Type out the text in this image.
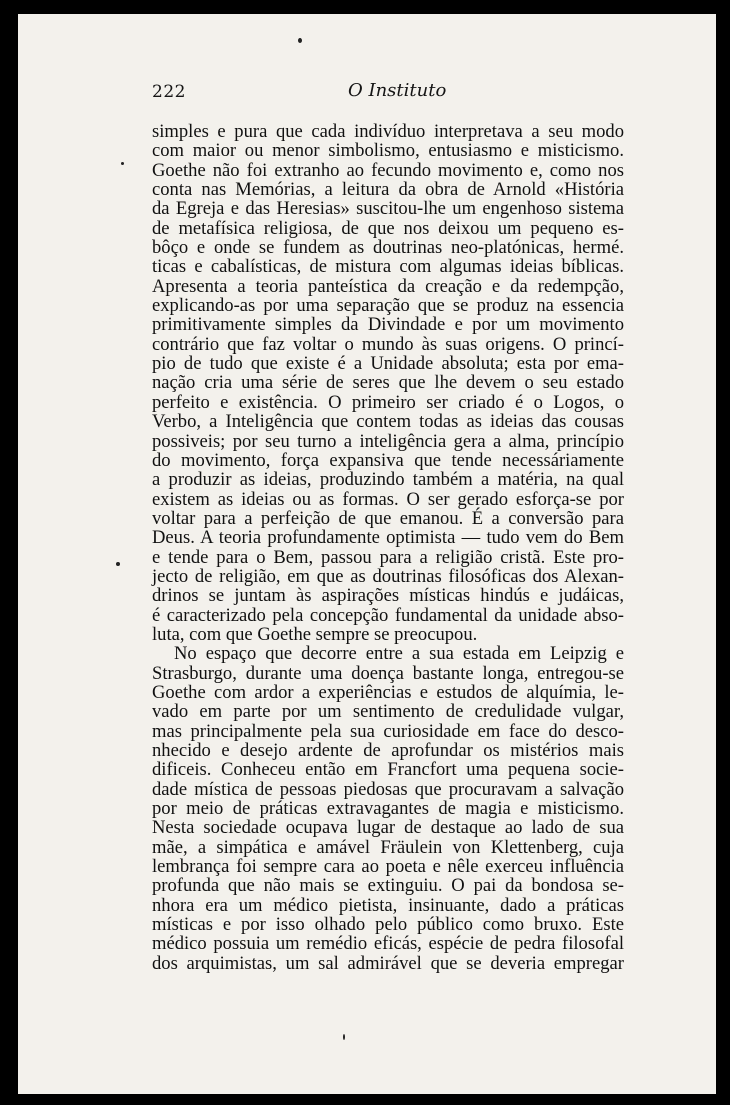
222	O Instituto

simples e pura que cada indivíduo interpretava a seu modo
com maior ou menor simbolismo, entusiasmo e misticismo.
Goethe não foi extranho ao fecundo movimento e, como nos
conta nas Memórias, a leitura da obra de Arnold «História
da Egreja e das Heresias» suscitou-lhe um engenhoso sistema
de metafísica religiosa, de que nos deixou um pequeno es-
bôço e onde se fundem as doutrinas neo-platónicas, hermé.
ticas e cabalísticas, de mistura com algumas ideias bíblicas.
Apresenta a teoria panteística da creação e da redempção,
explicando-as por uma separação que se produz na essencia
primitivamente simples da Divindade e por um movimento
contrário que faz voltar o mundo às suas origens. O princí-
pio de tudo que existe é a Unidade absoluta; esta por ema-
nação cria uma série de seres que lhe devem o seu estado
perfeito e existência. O primeiro ser criado é o Logos, o
Verbo, a Inteligência que contem todas as ideias das cousas
possiveis; por seu turno a inteligência gera a alma, princípio
do movimento, força expansiva que tende necessáriamente
a produzir as ideias, produzindo também a matéria, na qual
existem as ideias ou as formas. O ser gerado esforça-se por
voltar para a perfeição de que emanou. É a conversão para
Deus. A teoria profundamente optimista — tudo vem do Bem
e tende para o Bem, passou para a religião cristã. Este pro-
jecto de religião, em que as doutrinas filosóficas dos Alexan-
drinos se juntam às aspirações místicas hindús e judáicas,
é caracterizado pela concepção fundamental da unidade abso-
luta, com que Goethe sempre se preocupou.

No espaço que decorre entre a sua estada em Leipzig e
Strasburgo, durante uma doença bastante longa, entregou-se
Goethe com ardor a experiências e estudos de alquímia, le-
vado em parte por um sentimento de credulidade vulgar,
mas principalmente pela sua curiosidade em face do desco-
nhecido e desejo ardente de aprofundar os mistérios mais
dificeis. Conheceu então em Francfort uma pequena socie-
dade mística de pessoas piedosas que procuravam a salvação
por meio de práticas extravagantes de magia e misticismo.
Nesta sociedade ocupava lugar de destaque ao lado de sua
mãe, a simpática e amável Fräulein von Klettenberg, cuja
lembrança foi sempre cara ao poeta e nêle exerceu influência
profunda que não mais se extinguiu. O pai da bondosa se-
nhora era um médico pietista, insinuante, dado a práticas
místicas e por isso olhado pelo público como bruxo. Este
médico possuia um remédio eficás, espécie de pedra filosofal
dos arquimistas, um sal admirável que se deveria empregar
